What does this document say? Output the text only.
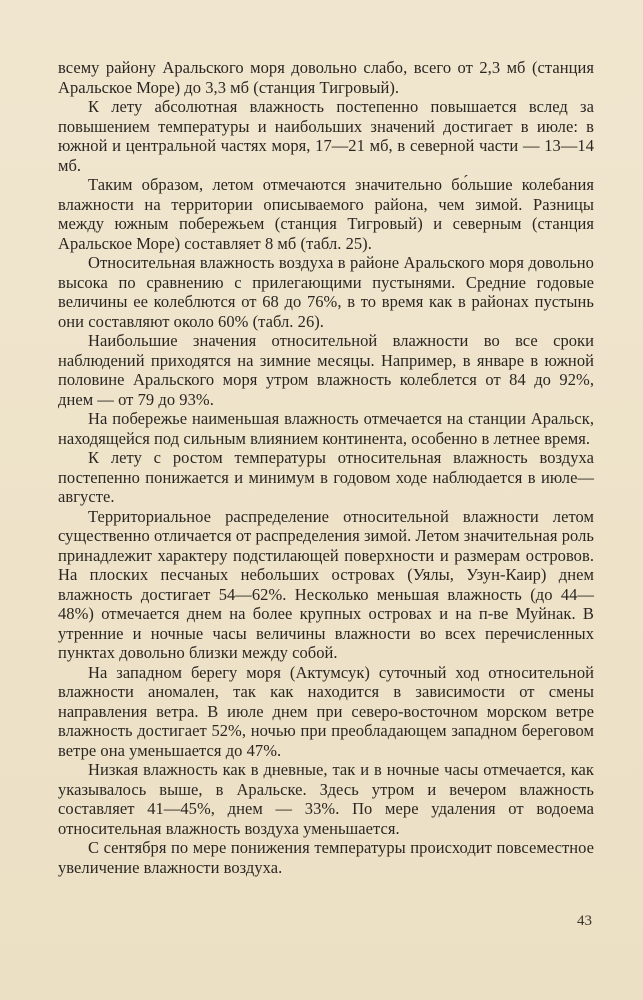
всему району Аральского моря довольно слабо, всего от 2,3 мб (станция Аральское Море) до 3,3 мб (станция Тигровый).

К лету абсолютная влажность постепенно повышается вслед за повышением температуры и наибольших значений достигает в июле: в южной и центральной частях моря, 17—21 мб, в северной части — 13—14 мб.

Таким образом, летом отмечаются значительно бо́льшие колебания влажности на территории описываемого района, чем зимой. Разницы между южным побережьем (станция Тигровый) и северным (станция Аральское Море) составляет 8 мб (табл. 25).

Относительная влажность воздуха в районе Аральского моря довольно высока по сравнению с прилегающими пустынями. Средние годовые величины ее колеблются от 68 до 76%, в то время как в районах пустынь они составляют около 60% (табл. 26).

Наибольшие значения относительной влажности во все сроки наблюдений приходятся на зимние месяцы. Например, в январе в южной половине Аральского моря утром влажность колеблется от 84 до 92%, днем — от 79 до 93%.

На побережье наименьшая влажность отмечается на станции Аральск, находящейся под сильным влиянием континента, особенно в летнее время.

К лету с ростом температуры относительная влажность воздуха постепенно понижается и минимум в годовом ходе наблюдается в июле—августе.

Территориальное распределение относительной влажности летом существенно отличается от распределения зимой. Летом значительная роль принадлежит характеру подстилающей поверхности и размерам островов. На плоских песчаных небольших островах (Уялы, Узун-Каир) днем влажность достигает 54—62%. Несколько меньшая влажность (до 44—48%) отмечается днем на более крупных островах и на п-ве Муйнак. В утренние и ночные часы величины влажности во всех перечисленных пунктах довольно близки между собой.

На западном берегу моря (Актумсук) суточный ход относительной влажности аномален, так как находится в зависимости от смены направления ветра. В июле днем при северо-восточном морском ветре влажность достигает 52%, ночью при преобладающем западном береговом ветре она уменьшается до 47%.

Низкая влажность как в дневные, так и в ночные часы отмечается, как указывалось выше, в Аральске. Здесь утром и вечером влажность составляет 41—45%, днем — 33%. По мере удаления от водоема относительная влажность воздуха уменьшается.

С сентября по мере понижения температуры происходит повсеместное увеличение влажности воздуха.

43
